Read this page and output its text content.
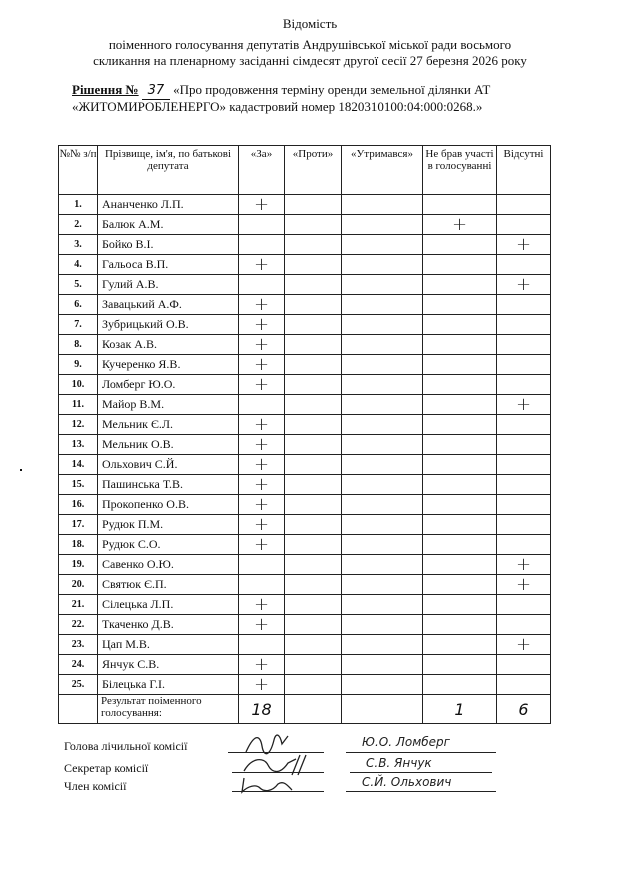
Відомість
поіменного голосування депутатів Андрушівської міської ради восьмого
скликання на пленарному засіданні сімдесят другої сесії 27 березня 2026 року
Рішення № 37 «Про продовження терміну оренди земельної ділянки АТ
«ЖИТОМИРОБЛЕНЕРГО» кадастровий номер 1820310100:04:000:0268.»
№№ з/п	Прізвище, ім'я, по батькові депутата	«За»	«Проти»	«Утримався»	Не брав участі в голосуванні	Відсутні
1.	Ананченко Л.П.	+				
2.	Балюк А.М.				+	
3.	Бойко В.І.					+
4.	Гальоса В.П.	+				
5.	Гулий А.В.					+
6.	Завацький А.Ф.	+				
7.	Зубрицький О.В.	+				
8.	Козак А.В.	+				
9.	Кучеренко Я.В.	+				
10.	Ломберг Ю.О.	+				
11.	Майор В.М.					+
12.	Мельник Є.Л.	+				
13.	Мельник О.В.	+				
14.	Ольхович С.Й.	+				
15.	Пашинська Т.В.	+				
16.	Прокопенко О.В.	+				
17.	Рудюк П.М.	+				
18.	Рудюк С.О.	+				
19.	Савенко О.Ю.					+
20.	Святюк Є.П.					+
21.	Сілецька Л.П.	+				
22.	Ткаченко Д.В.	+				
23.	Цап М.В.					+
24.	Янчук С.В.	+				
25.	Білецька Г.І.	+				
	Результат поіменного голосування:	18			1	6
Голова лічильної комісії
Секретар комісії
Член комісії
Ю.О. Ломберг
С.В. Янчук
С.Й. Ольхович
